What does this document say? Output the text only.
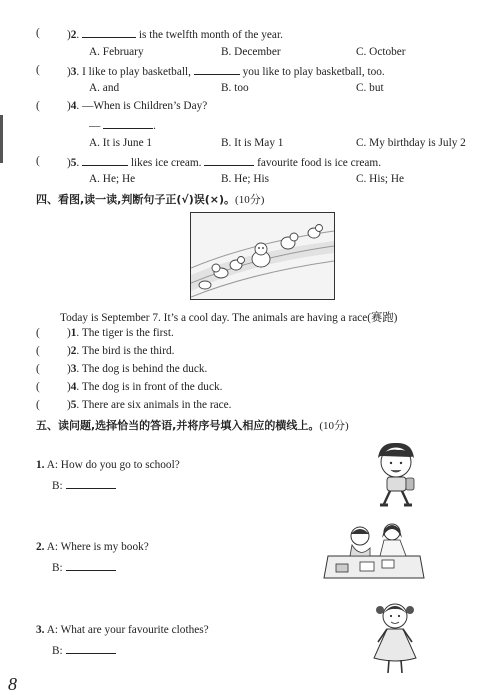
( )2.	is the twelfth month of the year.
A. February	B. December	C. October
( )3. I like to play basketball,	you like to play basketball, too.
A. and	B. too	C. but
( )4. —When is Children’s Day?
—	.
A. It is June 1	B. It is May 1	C. My birthday is July 2
( )5.	likes ice cream.	favourite food is ice cream.
A. He; He	B. He; His	C. His; He
四、看图,读一读,判断句子正(√)误(×)。(10分)
Today is September 7. It’s a cool day. The animals are having a race(赛跑)
( )1. The tiger is the first.
( )2. The bird is the third.
( )3. The dog is behind the duck.
( )4. The dog is in front of the duck.
( )5. There are six animals in the race.
五、读问题,选择恰当的答语,并将序号填入相应的横线上。(10分)
1. A: How do you go to school?
B:
2. A: Where is my book?
B:
3. A: What are your favourite clothes?
B:
8
